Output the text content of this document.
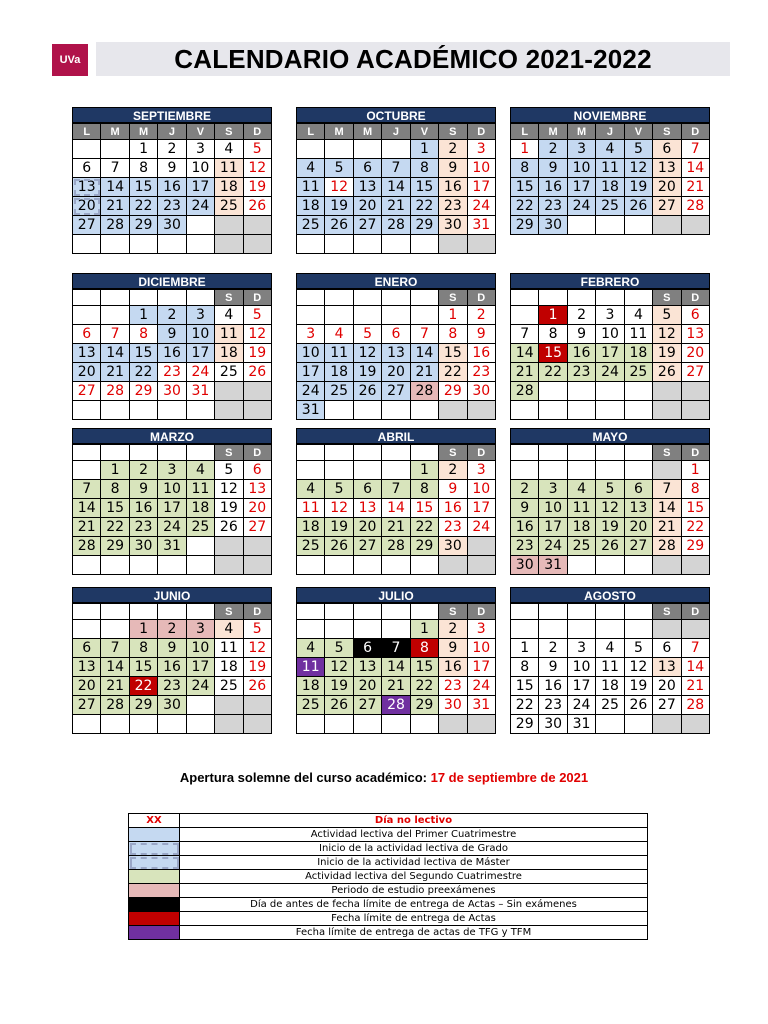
UVa	CALENDARIO ACADÉMICO 2021-2022
SEPTIEMBRE
L	M	M	J	V	S	D
		1	2	3	4	5
6	7	8	9	10	11	12
13	14	15	16	17	18	19
20	21	22	23	24	25	26
27	28	29	30			

OCTUBRE
L	M	M	J	V	S	D
				1	2	3
4	5	6	7	8	9	10
11	12	13	14	15	16	17
18	19	20	21	22	23	24
25	26	27	28	29	30	31

NOVIEMBRE
L	M	M	J	V	S	D
1	2	3	4	5	6	7
8	9	10	11	12	13	14
15	16	17	18	19	20	21
22	23	24	25	26	27	28
29	30					
DICIEMBRE
					S	D
		1	2	3	4	5
6	7	8	9	10	11	12
13	14	15	16	17	18	19
20	21	22	23	24	25	26
27	28	29	30	31		

ENERO
					S	D
					1	2
3	4	5	6	7	8	9
10	11	12	13	14	15	16
17	18	19	20	21	22	23
24	25	26	27	28	29	30
31						
FEBRERO
					S	D
	1	2	3	4	5	6
7	8	9	10	11	12	13
14	15	16	17	18	19	20
21	22	23	24	25	26	27
28						

MARZO
					S	D
	1	2	3	4	5	6
7	8	9	10	11	12	13
14	15	16	17	18	19	20
21	22	23	24	25	26	27
28	29	30	31			

ABRIL
					S	D
				1	2	3
4	5	6	7	8	9	10
11	12	13	14	15	16	17
18	19	20	21	22	23	24
25	26	27	28	29	30	

MAYO
					S	D
						1
2	3	4	5	6	7	8
9	10	11	12	13	14	15
16	17	18	19	20	21	22
23	24	25	26	27	28	29
30	31					
JUNIO
					S	D
		1	2	3	4	5
6	7	8	9	10	11	12
13	14	15	16	17	18	19
20	21	22	23	24	25	26
27	28	29	30			

JULIO
					S	D
				1	2	3
4	5	6	7	8	9	10
11	12	13	14	15	16	17
18	19	20	21	22	23	24
25	26	27	28	29	30	31

AGOSTO
					S	D

1	2	3	4	5	6	7
8	9	10	11	12	13	14
15	16	17	18	19	20	21
22	23	24	25	26	27	28
29	30	31				
Apertura solemne del curso académico: 17 de septiembre de 2021
XX	Día no lectivo
	Actividad lectiva del Primer Cuatrimestre
	Inicio de la actividad lectiva de Grado
	Inicio de la actividad lectiva de Máster
	Actividad lectiva del Segundo Cuatrimestre
	Periodo de estudio preexámenes
	Día de antes de fecha límite de entrega de Actas – Sin exámenes
	Fecha límite de entrega de Actas
	Fecha límite de entrega de actas de TFG y TFM
